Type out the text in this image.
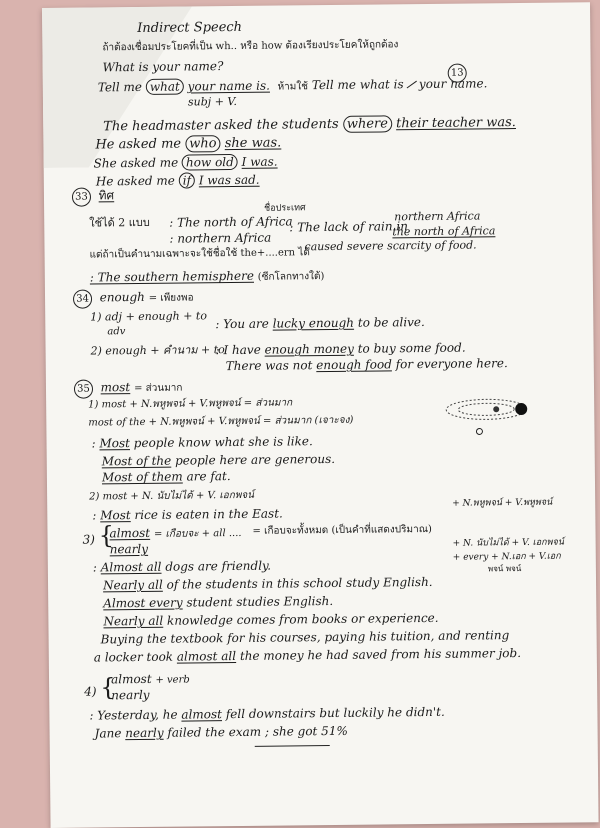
Indirect Speech
ถ้าต้องเชื่อมประโยคที่เป็น wh.. หรือ how ต้องเรียงประโยคให้ถูกต้อง
13
What is your name?
Tell me what your name is. ห้ามใช้ Tell me what is your name.
subj + V.
The headmaster asked the students where their teacher was.
He asked me who she was.
She asked me how old I was.
He asked me if I was sad.
33 ทิศ
ชื่อประเทศ
ใช้ได้ 2 แบบ : The north of Africa
: northern Africa
: The lack of rain in
northern Africa
the north of Africa
caused severe scarcity of food.
แต่ถ้าเป็นคำนามเฉพาะจะใช้ชื่อใช้ the+....ern ได้
: The southern hemisphere (ซีกโลกทางใต้)
34 enough = เพียงพอ
1) adj + enough + to
adv
: You are lucky enough to be alive.
2) enough + คำนาม + to
: I have enough money to buy some food.
There was not enough food for everyone here.
35 most = ส่วนมาก
1) most + N.พหูพจน์ + V.พหูพจน์ = ส่วนมาก
most of the + N.พหูพจน์ + V.พหูพจน์ = ส่วนมาก (เจาะจง)
: Most people know what she is like.
Most of the people here are generous.
Most of them are fat.
2) most + N. นับไม่ได้ + V. เอกพจน์
+ N.พหูพจน์ + V.พหูพจน์
: Most rice is eaten in the East.
3) {
almost = เกือบจะ + all .... = เกือบจะทั้งหมด (เป็นคำที่แสดงปริมาณ)
nearly	+ N. นับไม่ได้ + V. เอกพจน์
+ every + N.เอก + V.เอก
พจน์ พจน์
: Almost all dogs are friendly.
Nearly all of the students in this school study English.
Almost every student studies English.
Nearly all knowledge comes from books or experience.
Buying the textbook for his courses, paying his tuition, and renting
a locker took almost all the money he had saved from his summer job.
4) {
almost + verb
nearly
: Yesterday, he almost fell downstairs but luckily he didn't.
Jane nearly failed the exam ; she got 51%
